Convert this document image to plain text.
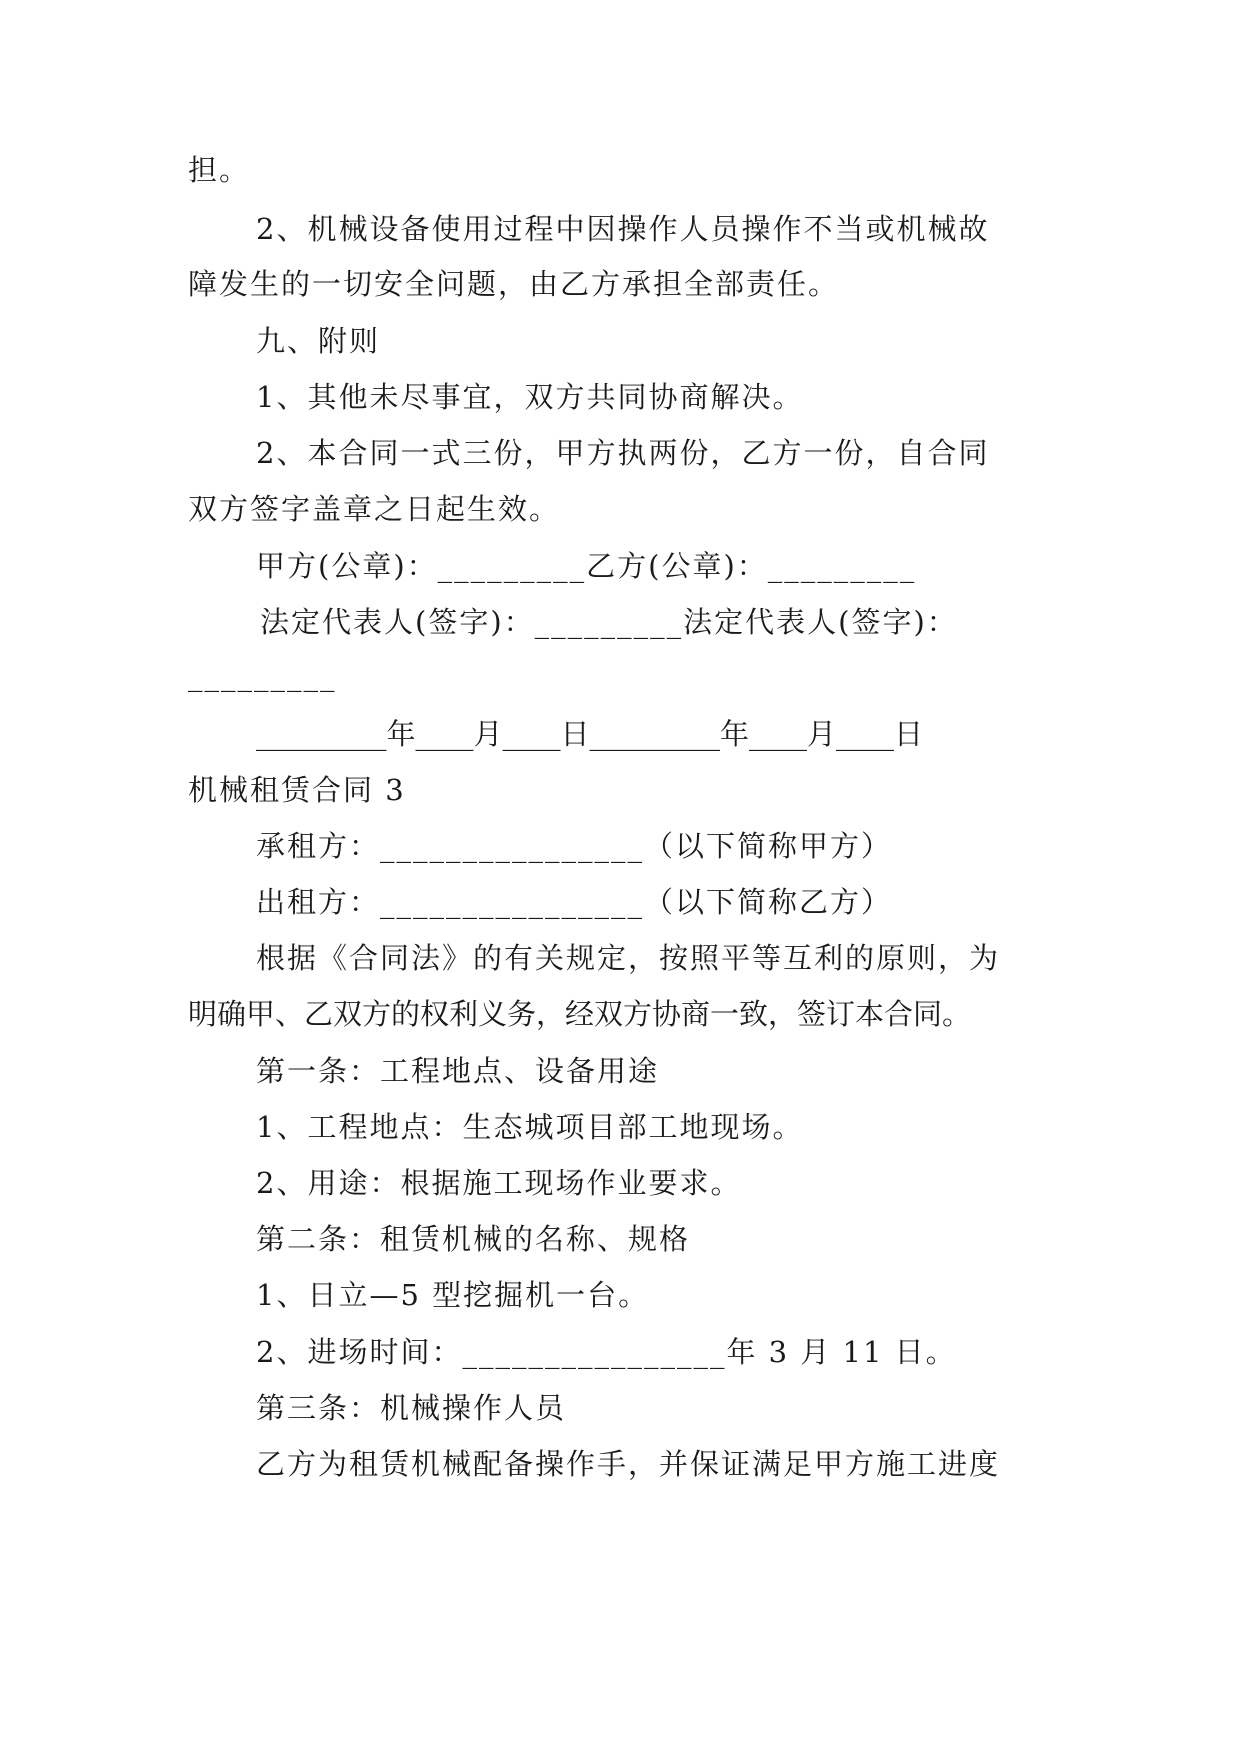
担。
2、机械设备使用过程中因操作人员操作不当或机械故
障发生的一切安全问题，由乙方承担全部责任。
九、附则
1、其他未尽事宜，双方共同协商解决。
2、本合同一式三份，甲方执两份，乙方一份，自合同
双方签字盖章之日起生效。
甲方(公章)：_________乙方(公章)：_________
法定代表人(签字)：_________法定代表人(签字)：
_________
_________年____月____日_________年____月____日
机械租赁合同 3
承租方：________________（以下简称甲方）
出租方：________________（以下简称乙方）
根据《合同法》的有关规定，按照平等互利的原则，为
明确甲、乙双方的权利义务，经双方协商一致，签订本合同。
第一条：工程地点、设备用途
1、工程地点：生态城项目部工地现场。
2、用途：根据施工现场作业要求。
第二条：租赁机械的名称、规格
1、日立—5 型挖掘机一台。
2、进场时间：________________年 3 月 11 日。
第三条：机械操作人员
乙方为租赁机械配备操作手，并保证满足甲方施工进度
